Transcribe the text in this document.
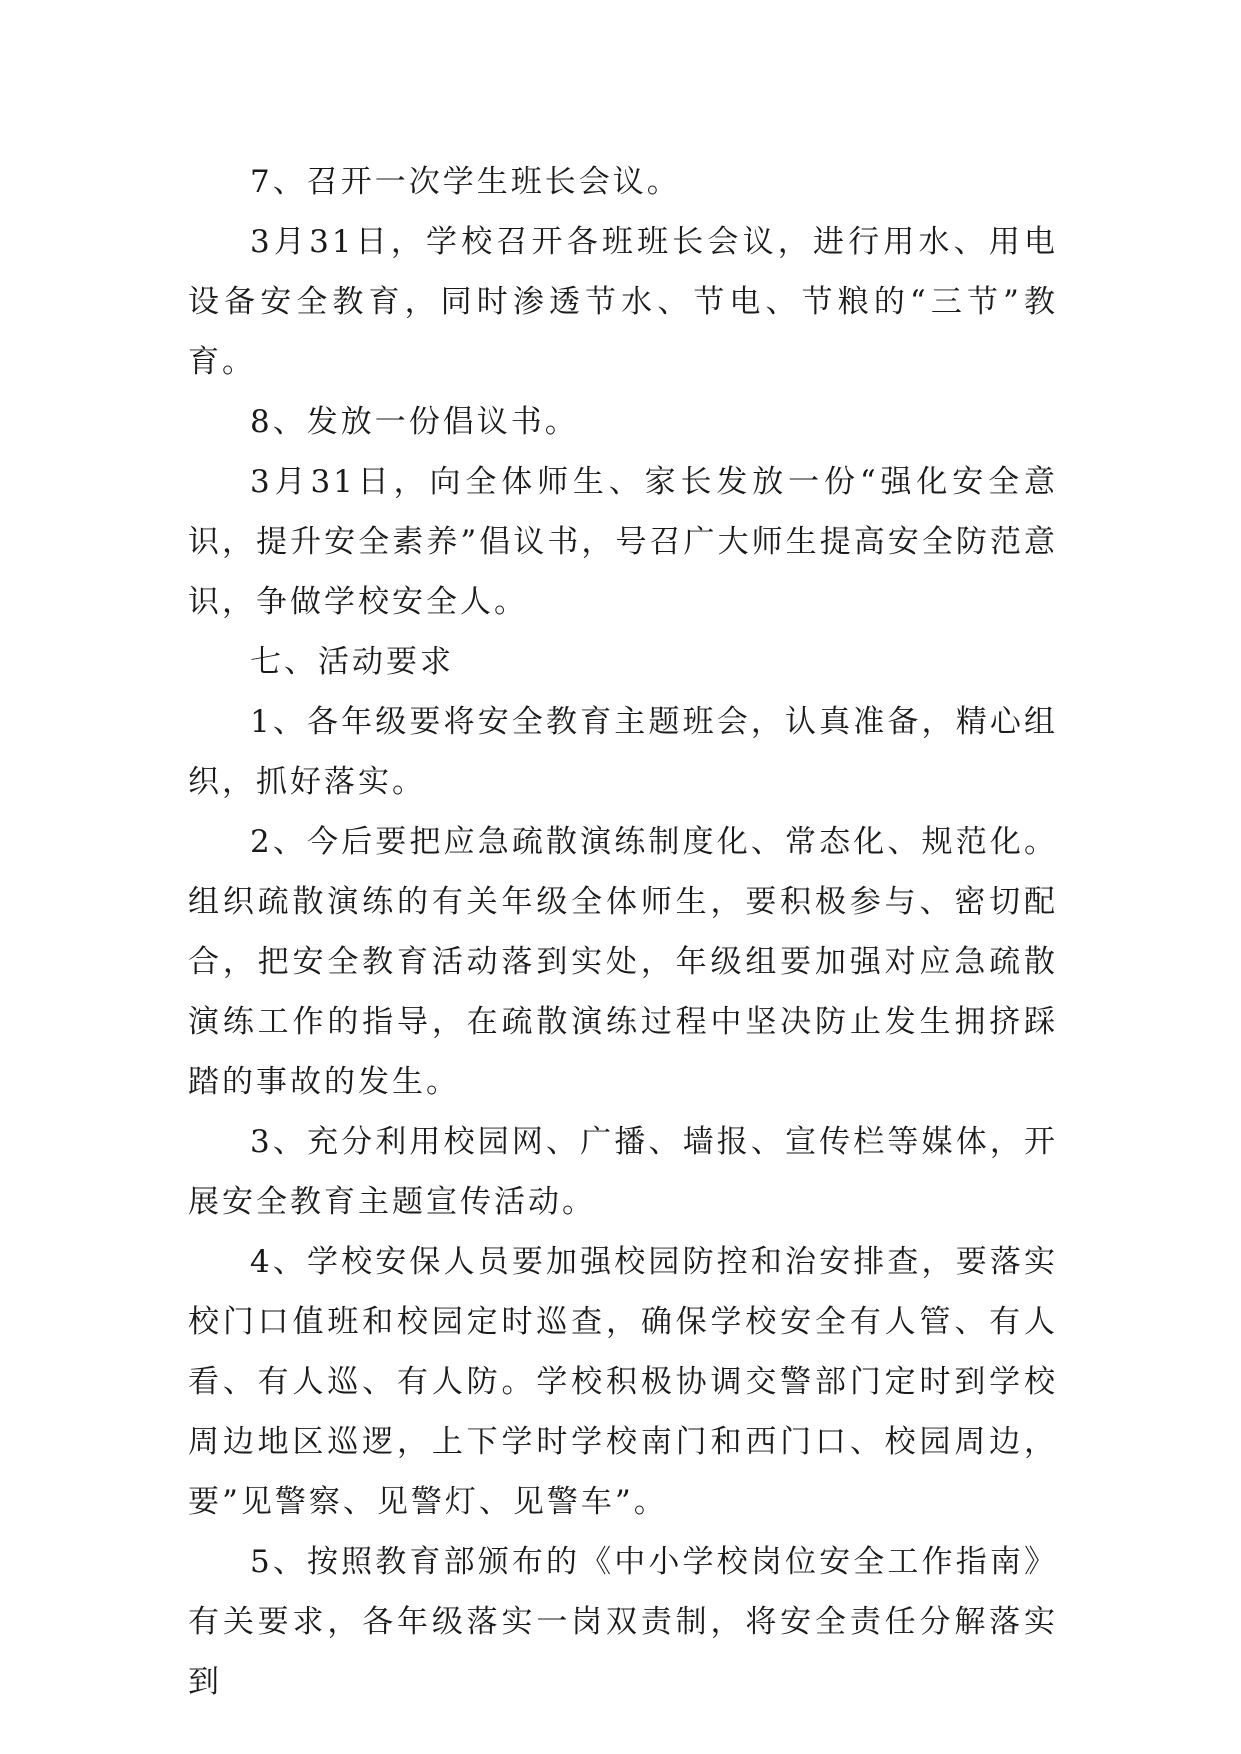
7、召开一次学生班长会议。

3月31日，学校召开各班班长会议，进行用水、用电设备安全教育，同时渗透节水、节电、节粮的“三节”教育。

8、发放一份倡议书。

3月31日，向全体师生、家长发放一份“强化安全意识，提升安全素养”倡议书，号召广大师生提高安全防范意识，争做学校安全人。

七、活动要求

1、各年级要将安全教育主题班会，认真准备，精心组织，抓好落实。

2、今后要把应急疏散演练制度化、常态化、规范化。组织疏散演练的有关年级全体师生，要积极参与、密切配合，把安全教育活动落到实处，年级组要加强对应急疏散演练工作的指导，在疏散演练过程中坚决防止发生拥挤踩踏的事故的发生。

3、充分利用校园网、广播、墙报、宣传栏等媒体，开展安全教育主题宣传活动。

4、学校安保人员要加强校园防控和治安排查，要落实校门口值班和校园定时巡查，确保学校安全有人管、有人看、有人巡、有人防。学校积极协调交警部门定时到学校周边地区巡逻，上下学时学校南门和西门口、校园周边，要”见警察、见警灯、见警车”。

5、按照教育部颁布的《中小学校岗位安全工作指南》有关要求，各年级落实一岗双责制，将安全责任分解落实到
